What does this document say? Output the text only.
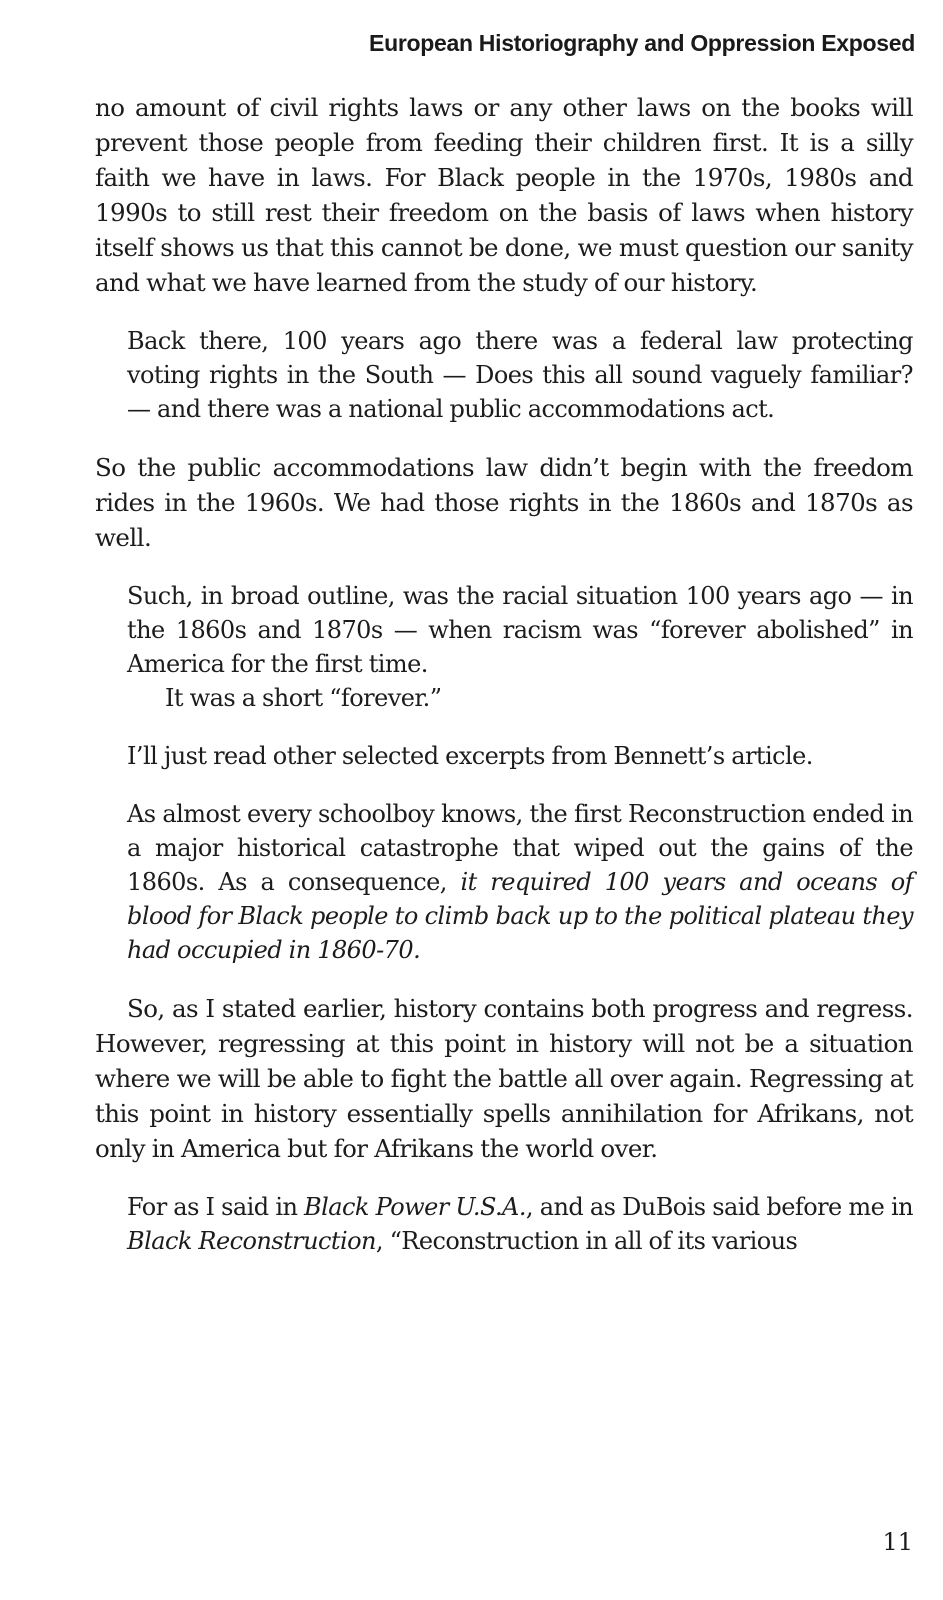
European Historiography and Oppression Exposed

no amount of civil rights laws or any other laws on the books will prevent those people from feeding their children first. It is a silly faith we have in laws. For Black people in the 1970s, 1980s and 1990s to still rest their freedom on the basis of laws when history itself shows us that this cannot be done, we must question our sanity and what we have learned from the study of our history.

Back there, 100 years ago there was a federal law protecting voting rights in the South — Does this all sound vaguely familiar? — and there was a national public accommodations act.

So the public accommodations law didn’t begin with the freedom rides in the 1960s. We had those rights in the 1860s and 1870s as well.

Such, in broad outline, was the racial situation 100 years ago — in the 1860s and 1870s — when racism was “forever abolished” in America for the first time.

It was a short “forever.”

I’ll just read other selected excerpts from Bennett’s article.

As almost every schoolboy knows, the first Reconstruction ended in a major historical catastrophe that wiped out the gains of the 1860s. As a consequence, it required 100 years and oceans of blood for Black people to climb back up to the political plateau they had occupied in 1860-70.

So, as I stated earlier, history contains both progress and regress. However, regressing at this point in history will not be a situation where we will be able to fight the battle all over again. Regressing at this point in history essentially spells annihilation for Afrikans, not only in America but for Afrikans the world over.

For as I said in Black Power U.S.A., and as DuBois said before me in Black Reconstruction, “Reconstruction in all of its various

11
